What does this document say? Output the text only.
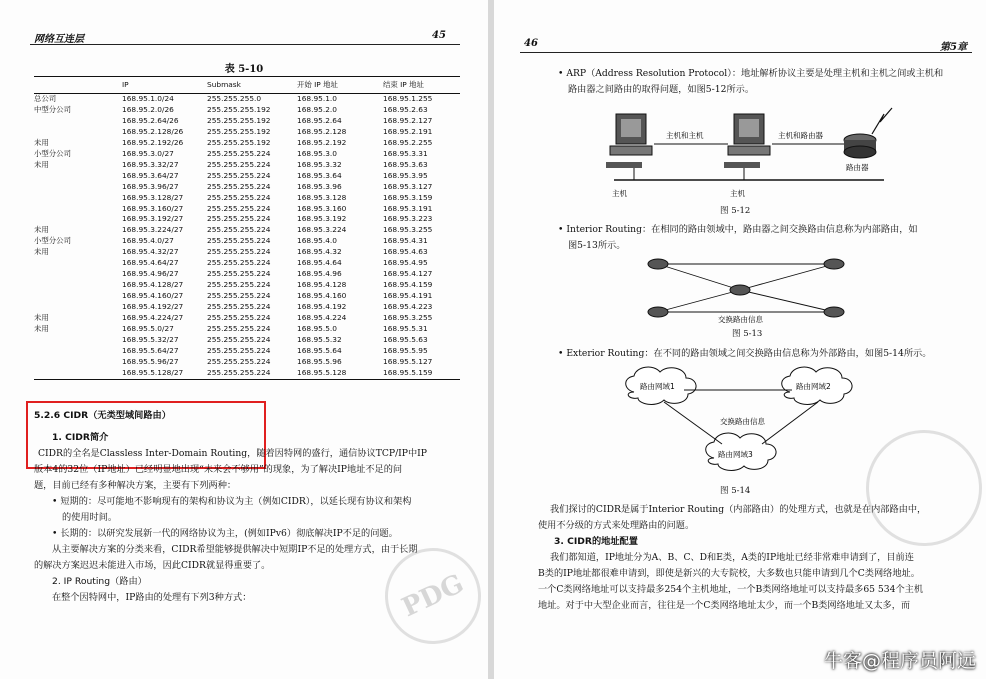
网络互连层	45
表 5-10
	IP	Submask	开始 IP 地址	结束 IP 地址
总公司	168.95.1.0/24	255.255.255.0	168.95.1.0	168.95.1.255
中型分公司	168.95.2.0/26	255.255.255.192	168.95.2.0	168.95.2.63
	168.95.2.64/26	255.255.255.192	168.95.2.64	168.95.2.127
	168.95.2.128/26	255.255.255.192	168.95.2.128	168.95.2.191
未用	168.95.2.192/26	255.255.255.192	168.95.2.192	168.95.2.255
小型分公司	168.95.3.0/27	255.255.255.224	168.95.3.0	168.95.3.31
未用	168.95.3.32/27	255.255.255.224	168.95.3.32	168.95.3.63
	168.95.3.64/27	255.255.255.224	168.95.3.64	168.95.3.95
	168.95.3.96/27	255.255.255.224	168.95.3.96	168.95.3.127
	168.95.3.128/27	255.255.255.224	168.95.3.128	168.95.3.159
	168.95.3.160/27	255.255.255.224	168.95.3.160	168.95.3.191
	168.95.3.192/27	255.255.255.224	168.95.3.192	168.95.3.223
未用	168.95.3.224/27	255.255.255.224	168.95.3.224	168.95.3.255
小型分公司	168.95.4.0/27	255.255.255.224	168.95.4.0	168.95.4.31
未用	168.95.4.32/27	255.255.255.224	168.95.4.32	168.95.4.63
	168.95.4.64/27	255.255.255.224	168.95.4.64	168.95.4.95
	168.95.4.96/27	255.255.255.224	168.95.4.96	168.95.4.127
	168.95.4.128/27	255.255.255.224	168.95.4.128	168.95.4.159
	168.95.4.160/27	255.255.255.224	168.95.4.160	168.95.4.191
	168.95.4.192/27	255.255.255.224	168.95.4.192	168.95.4.223
未用	168.95.4.224/27	255.255.255.224	168.95.4.224	168.95.3.255
未用	168.95.5.0/27	255.255.255.224	168.95.5.0	168.95.5.31
	168.95.5.32/27	255.255.255.224	168.95.5.32	168.95.5.63
	168.95.5.64/27	255.255.255.224	168.95.5.64	168.95.5.95
	168.95.5.96/27	255.255.255.224	168.95.5.96	168.95.5.127
	168.95.5.128/27	255.255.255.224	168.95.5.128	168.95.5.159
5.2.6 CIDR（无类型域间路由）
1. CIDR简介
CIDR的全名是Classless Inter-Domain Routing，随着因特网的盛行，通信协议TCP/IP中IP
版本4的32位（IP地址）已经明显地出现“未来会不够用”的现象，为了解决IP地址不足的问
题，目前已经有多种解决方案，主要有下列两种：
• 短期的：尽可能地不影响现有的架构和协议为主（例如CIDR），以延长现有协议和架构
的使用时间。
• 长期的：以研究发展新一代的网络协议为主，(例如IPv6）彻底解决IP不足的问题。
从主要解决方案的分类来看，CIDR希望能够提供解决中短期IP不足的处理方式，由于长期
的解决方案迟迟未能进入市场，因此CIDR就显得重要了。
2. IP Routing（路由）
在整个因特网中，IP路由的处理有下列3种方式：	PDG
46	第5章
• ARP（Address Resolution Protocol）：地址解析协议主要是处理主机和主机之间或主机和
路由器之间路由的取得问题，如图5-12所示。
主机和主机	主机和路由器
主机	主机
路由器
图 5-12
• Interior Routing：在相同的路由领域中，路由器之间交换路由信息称为内部路由，如
图5-13所示。
交换路由信息
图 5-13
• Exterior Routing：在不同的路由领域之间交换路由信息称为外部路由，如图5-14所示。
路由网域1	路由网域2
路由网域3
交换路由信息
图 5-14
我们探讨的CIDR是属于Interior Routing（内部路由）的处理方式，也就是在内部路由中，
使用不分级的方式来处理路由的问题。
3. CIDR的地址配置
我们都知道，IP地址分为A、B、C、D和E类，A类的IP地址已经非常难申请到了，目前连
B类的IP地址都很难申请到，即使是新兴的大专院校，大多数也只能申请到几个C类网络地址。
一个C类网络地址可以支持最多254个主机地址，一个B类网络地址可以支持最多65 534个主机
地址。对于中大型企业而言，往往是一个C类网络地址太少，而一个B类网络地址又太多，而
牛客@程序员阿远
